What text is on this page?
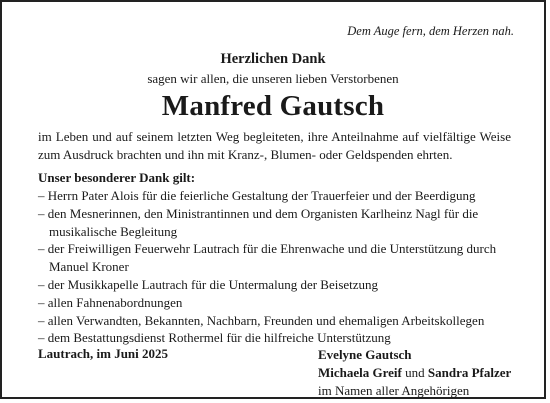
Dem Auge fern, dem Herzen nah.
Herzlichen Dank
sagen wir allen, die unseren lieben Verstorbenen
Manfred Gautsch
im Leben und auf seinem letzten Weg begleiteten, ihre Anteilnahme auf vielfältige Weise zum Ausdruck brachten und ihn mit Kranz-, Blumen- oder Geldspenden ehrten.
Unser besonderer Dank gilt:
– Herrn Pater Alois für die feierliche Gestaltung der Trauerfeier und der Beerdigung
– den Mesnerinnen, den Ministrantinnen und dem Organisten Karlheinz Nagl für die musikalische Begleitung
– der Freiwilligen Feuerwehr Lautrach für die Ehrenwache und die Unterstützung durch Manuel Kroner
– der Musikkapelle Lautrach für die Untermalung der Beisetzung
– allen Fahnenabordnungen
– allen Verwandten, Bekannten, Nachbarn, Freunden und ehemaligen Arbeitskollegen
– dem Bestattungsdienst Rothermel für die hilfreiche Unterstützung
Lautrach, im Juni 2025	Evelyne Gautsch
Michaela Greif und Sandra Pfalzer
im Namen aller Angehörigen
